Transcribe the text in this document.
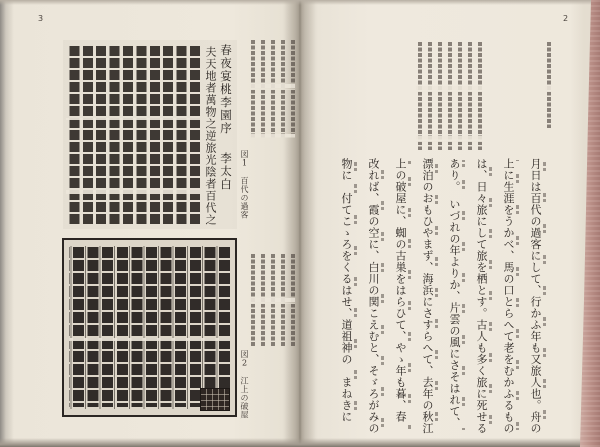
3
春夜宴桃李園序
李太白
夫天地者萬物之逆旅光陰者百代之	図1　百代の過客
図2　江上の破屋
2
月日は百代の過客にして、行かふ年も又旅人也。舟の
上に生涯をうかべ、馬の口とらへて老をむかふるもの
は、日々旅にして旅を栖とす。古人も多く旅に死せる
あり。　いづれの年よりか、片雲の風にさそはれて、
漂泊のおもひやまず、海浜にさすらへて、去年の秋江
上の破屋に、蜘の古巣をはらひて、やゝ年も暮、春
改れば、霞の空に、白川の関こえむと、そゞろがみの
物に　付てこゝろをくるはせ、道祖神の　まねきに
